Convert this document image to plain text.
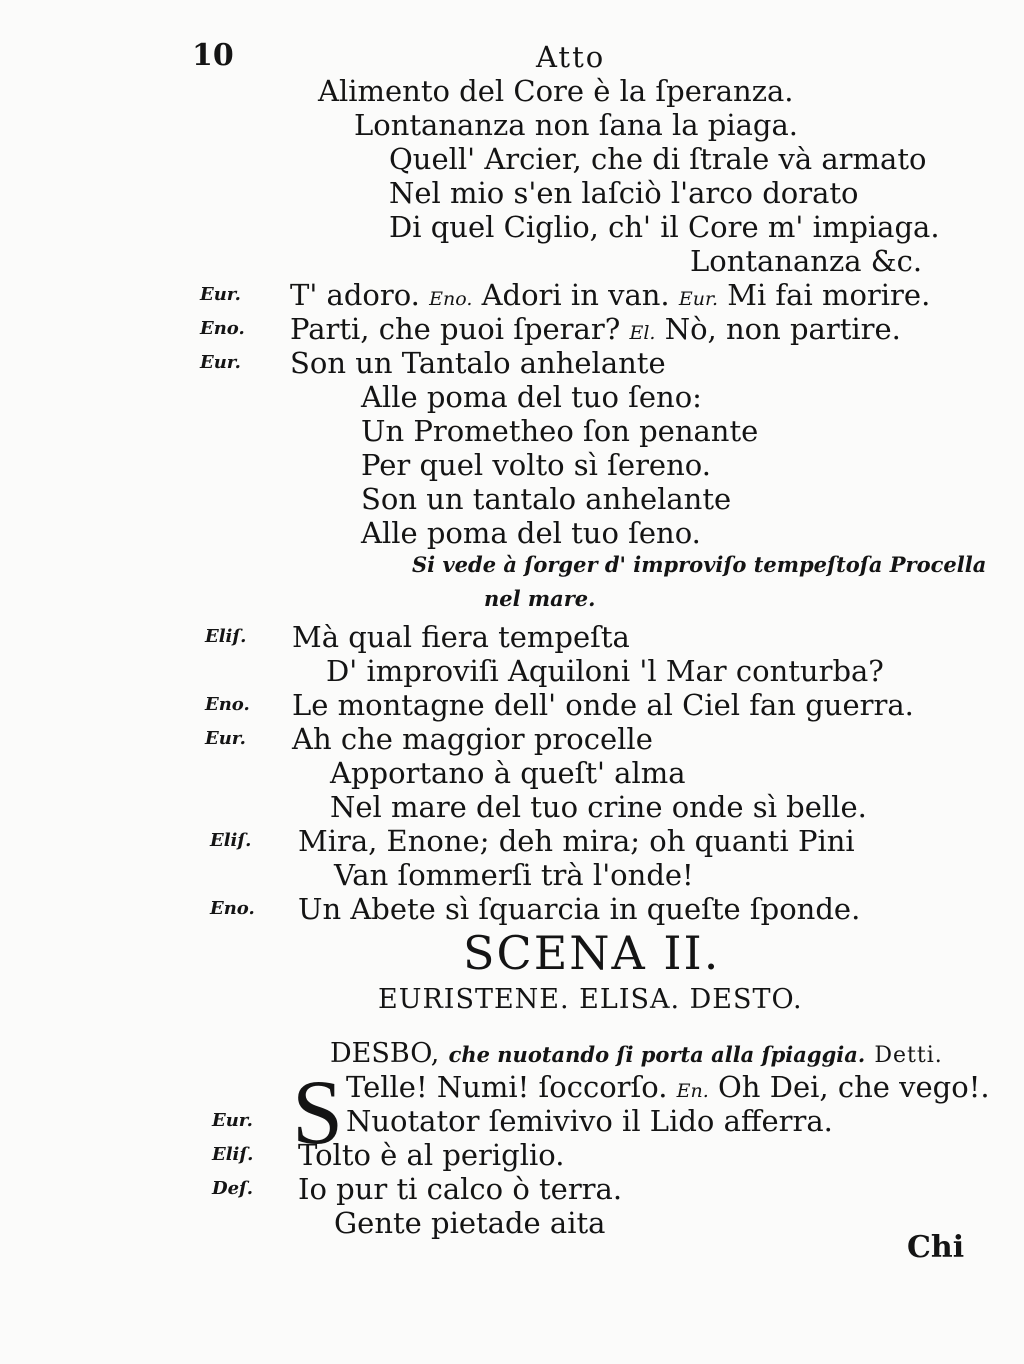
10	Atto
Alimento del Core è la ſperanza.
Lontananza non ſana la piaga.
Quell' Arcier, che di ſtrale và armato
Nel mio s'en laſciò l'arco dorato
Di quel Ciglio, ch' il Core m' impiaga.
Lontananza &c.
Eur. T' adoro. Eno. Adori in van. Eur. Mi fai morire.
Eno. Parti, che puoi ſperar? El. Nò, non partire.
Eur. Son un Tantalo anhelante
Alle poma del tuo ſeno:
Un Prometheo ſon penante
Per quel volto sì ſereno.
Son un tantalo anhelante
Alle poma del tuo ſeno.
Si vede à ſorger d' improviſo tempeſtoſa Procella
nel mare.
Eliſ. Mà qual fiera tempeſta
D' improviſi Aquiloni 'l Mar conturba?
Eno. Le montagne dell' onde al Ciel fan guerra.
Eur. Ah che maggior procelle
Apportano à queſt' alma
Nel mare del tuo crine onde sì belle.
Eliſ. Mira, Enone; deh mira; oh quanti Pini
Van ſommerſi trà l'onde!
Eno. Un Abete sì ſquarcia in queſte ſponde.
SCENA II.
EURISTENE. ELISA. DESTO.
DESBO, che nuotando ſi porta alla ſpiaggia. Detti.
S Telle! Numi! ſoccorſo. En. Oh Dei, che vego!.
Eur.	Nuotator ſemivivo il Lido afferra.
Eliſ. Tolto è al periglio.
Deſ. Io pur ti calco ò terra.
Gente pietade aita
Chi
